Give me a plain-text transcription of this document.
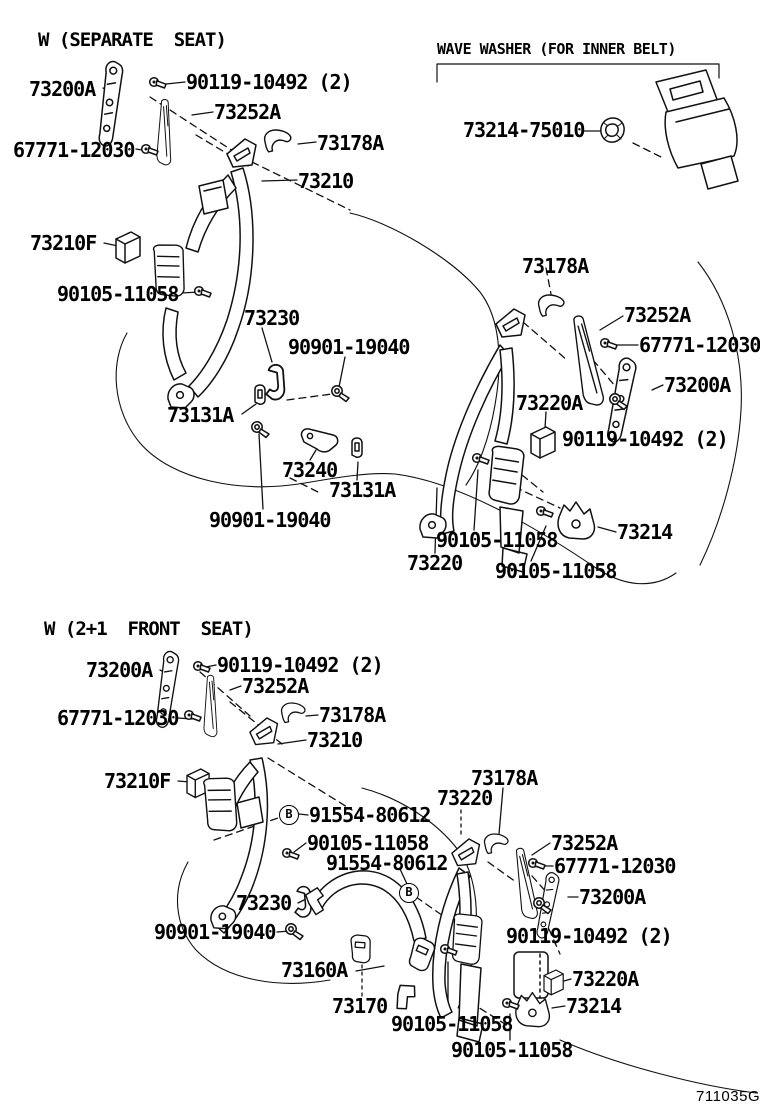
W (SEPARATE  SEAT)
73200A	90119-10492 (2)
73252A
67771-12030	73178A
73210
73210F
90105-11058
73230
90901-19040
73131A
73240
73131A
90901-19040
90105-11058
73220 90105-11058
73214
73178A
73252A
67771-12030
73200A
73220A
90119-10492 (2)
WAVE WASHER (FOR INNER BELT)
73214-75010
W (2+1  FRONT  SEAT)
73200A	90119-10492 (2)
73252A
67771-12030	73178A
73210
73210F
91554-80612
90105-11058
91554-80612
73220
73178A
73252A
67771-12030
73200A
90119-10492 (2)
73230
90901-19040
73160A
73170
90105-11058
90105-11058
73220A
73214
B
B
711035G
